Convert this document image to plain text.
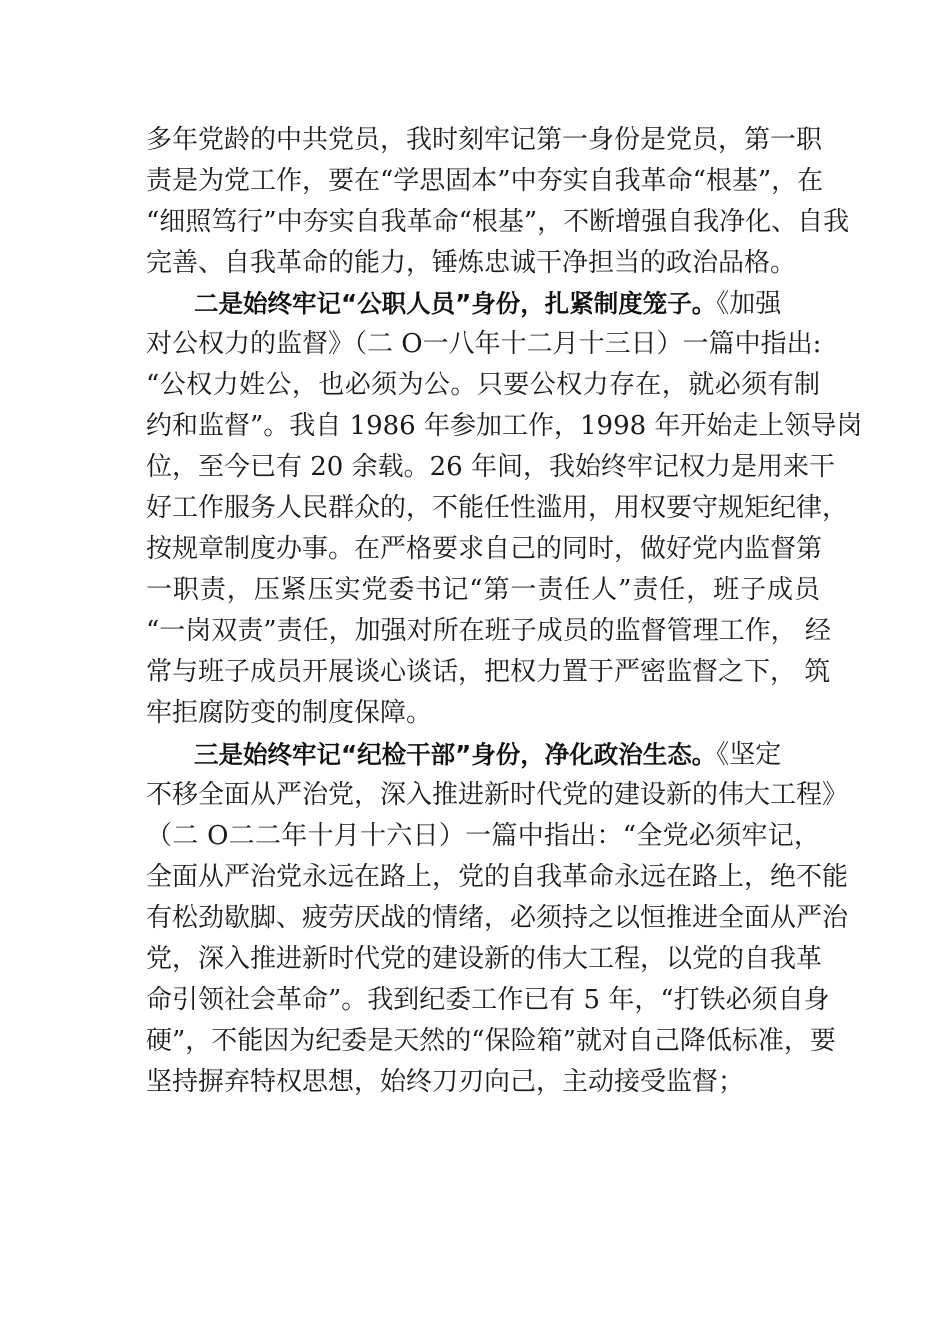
多年党龄的中共党员，我时刻牢记第一身份是党员，第一职
责是为党工作，要在“学思固本”中夯实自我革命“根基”，在
“细照笃行”中夯实自我革命“根基”，不断增强自我净化、自我
完善、自我革命的能力，锤炼忠诚干净担当的政治品格。
二是始终牢记“公职人员”身份，扎紧制度笼子。《加强
对公权力的监督》（二 O一八年十二月十三日）一篇中指出:
“公权力姓公，也必须为公。只要公权力存在，就必须有制
约和监督”。我自 1986 年参加工作，1998 年开始走上领导岗
位，至今已有 20 余载。26 年间，我始终牢记权力是用来干
好工作服务人民群众的，不能任性滥用，用权要守规矩纪律，
按规章制度办事。在严格要求自己的同时，做好党内监督第
一职责，压紧压实党委书记“第一责任人”责任，班子成员
“一岗双责”责任，加强对所在班子成员的监督管理工作， 经
常与班子成员开展谈心谈话，把权力置于严密监督之下， 筑
牢拒腐防变的制度保障。
三是始终牢记“纪检干部”身份，净化政治生态。《坚定
不移全面从严治党，深入推进新时代党的建设新的伟大工程》
（二 O二二年十月十六日）一篇中指出：“全党必须牢记，
全面从严治党永远在路上，党的自我革命永远在路上，绝不能
有松劲歇脚、疲劳厌战的情绪，必须持之以恒推进全面从严治
党，深入推进新时代党的建设新的伟大工程，以党的自我革
命引领社会革命”。我到纪委工作已有 5 年，“打铁必须自身
硬”，不能因为纪委是天然的“保险箱”就对自己降低标准，要
坚持摒弃特权思想，始终刀刃向己，主动接受监督；
